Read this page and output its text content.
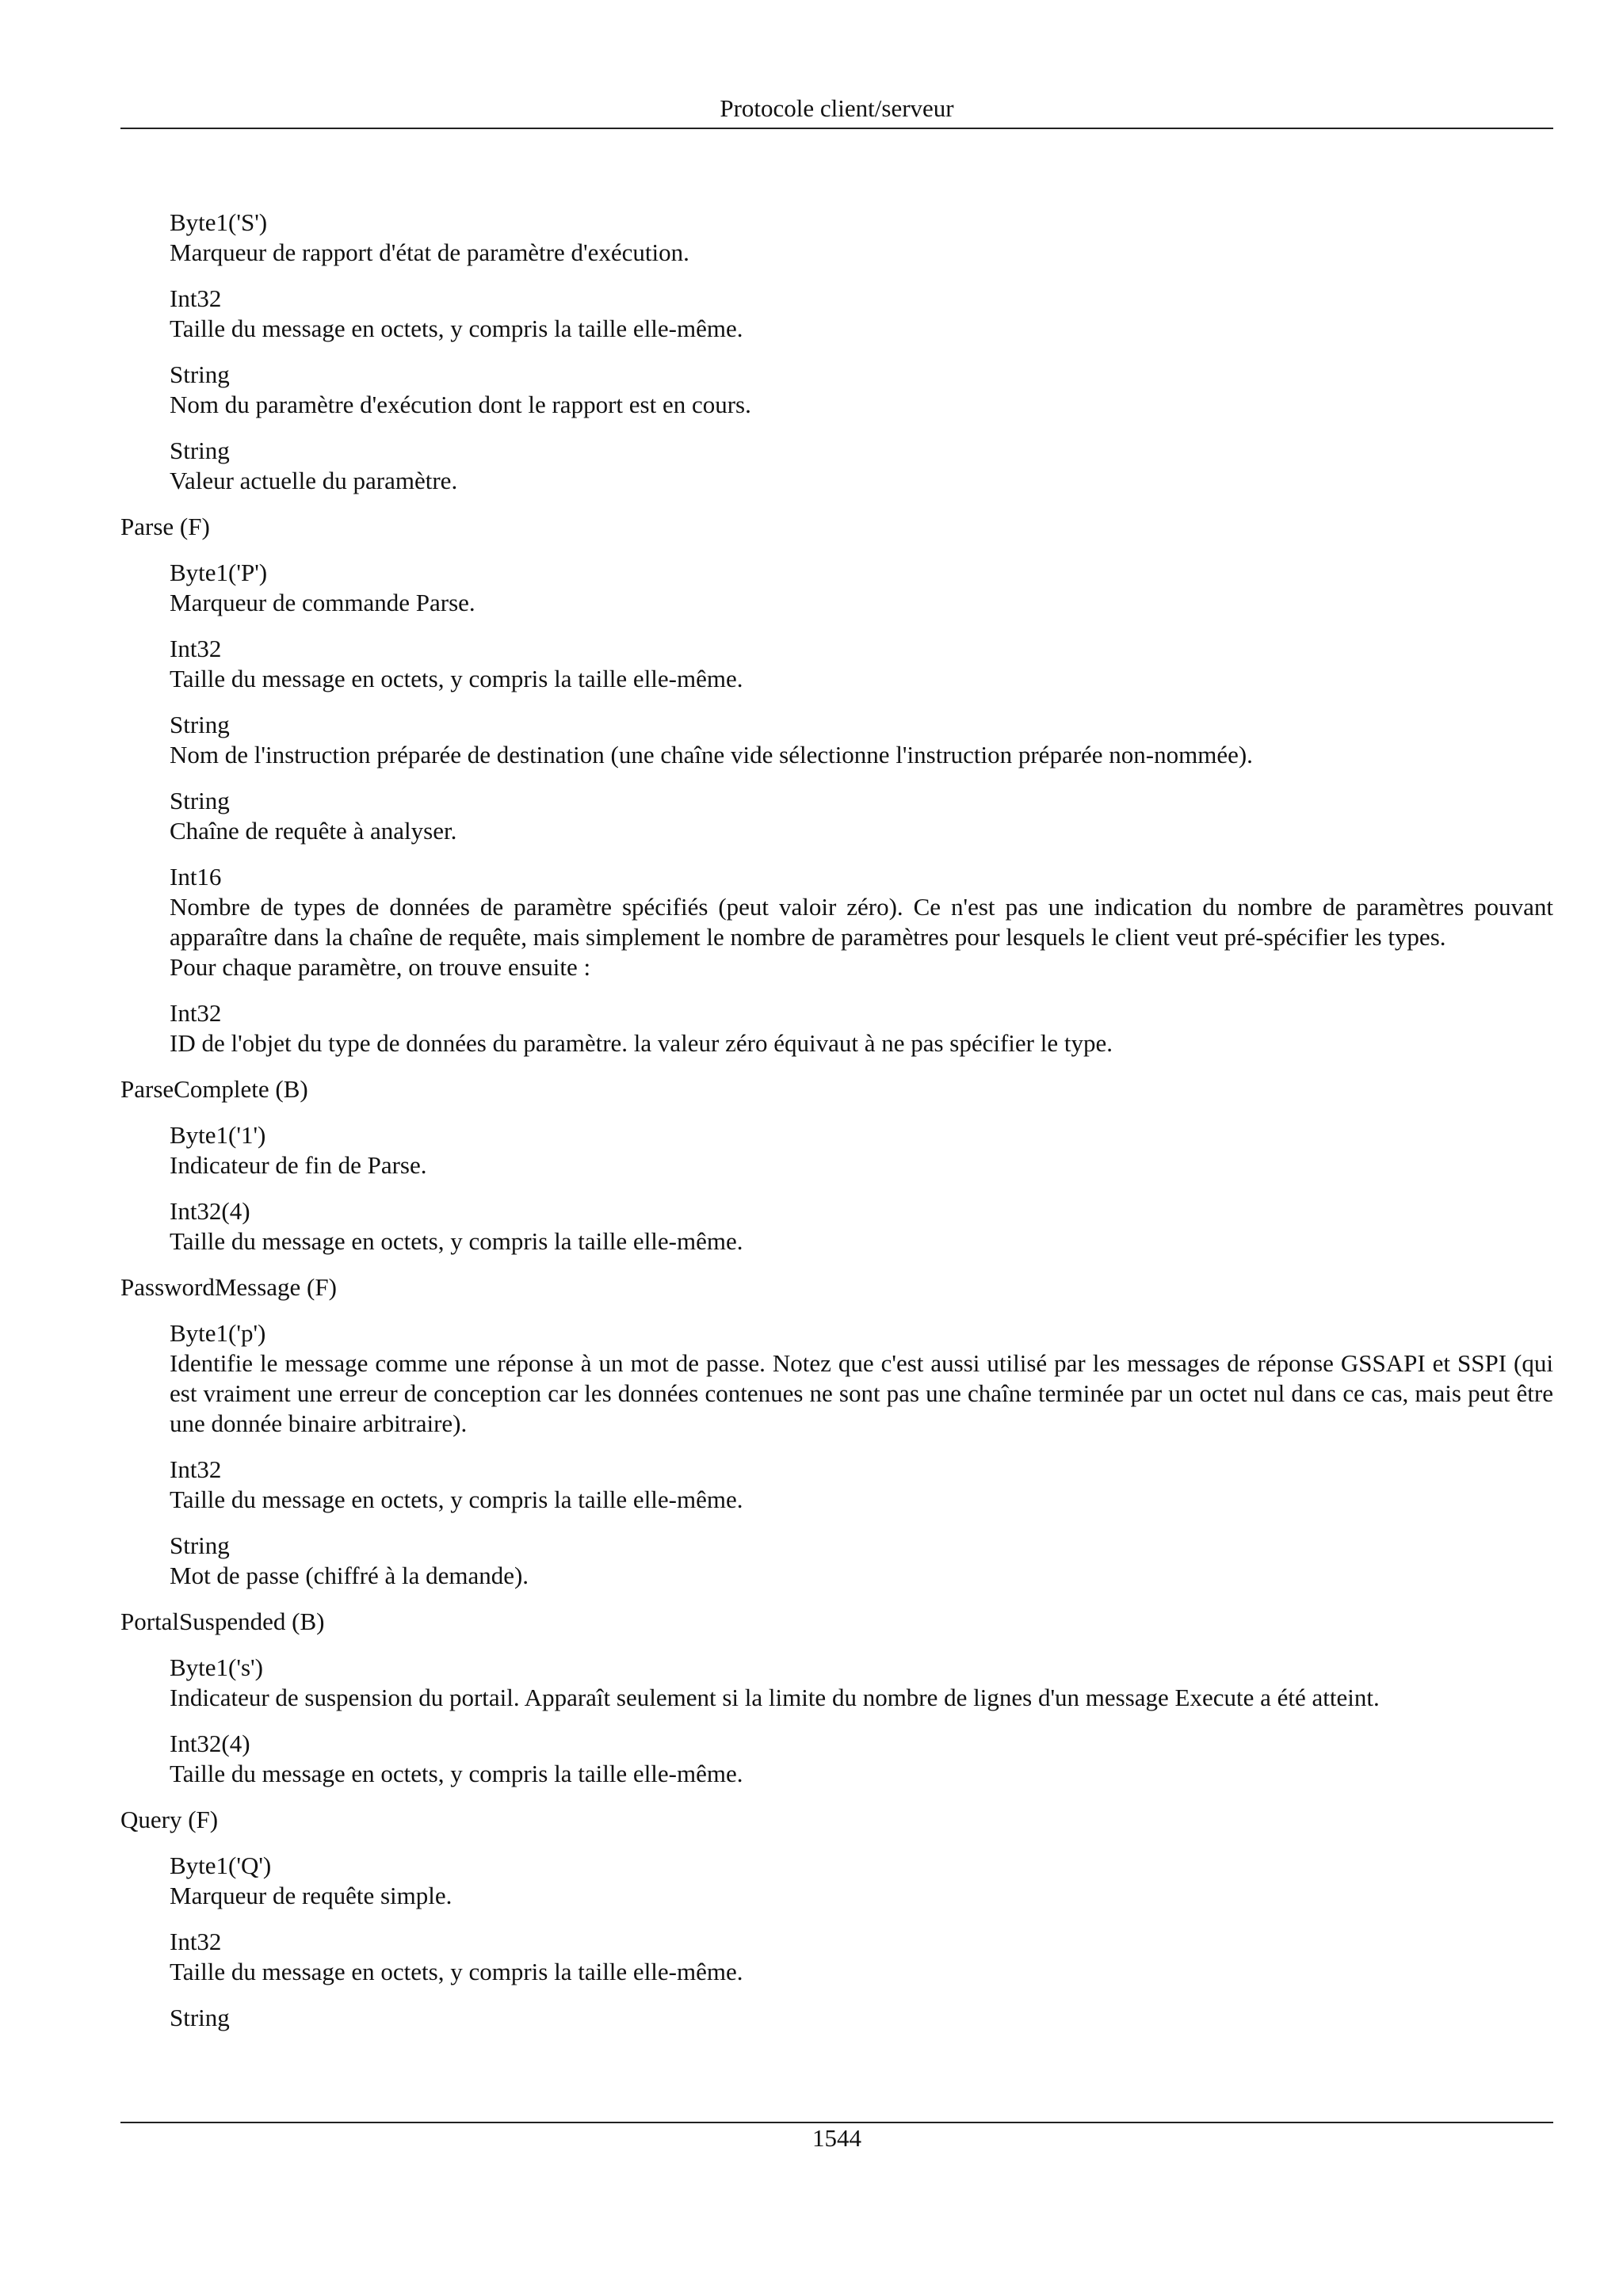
Protocole client/serveur
Byte1('S')
Marqueur de rapport d'état de paramètre d'exécution.
Int32
Taille du message en octets, y compris la taille elle-même.
String
Nom du paramètre d'exécution dont le rapport est en cours.
String
Valeur actuelle du paramètre.
Parse (F)
Byte1('P')
Marqueur de commande Parse.
Int32
Taille du message en octets, y compris la taille elle-même.
String
Nom de l'instruction préparée de destination (une chaîne vide sélectionne l'instruction préparée non-nommée).
String
Chaîne de requête à analyser.
Int16
Nombre de types de données de paramètre spécifiés (peut valoir zéro). Ce n'est pas une indication du nombre de paramètres pouvant apparaître dans la chaîne de requête, mais simplement le nombre de paramètres pour lesquels le client veut pré-spécifier les types.
Pour chaque paramètre, on trouve ensuite :
Int32
ID de l'objet du type de données du paramètre. la valeur zéro équivaut à ne pas spécifier le type.
ParseComplete (B)
Byte1('1')
Indicateur de fin de Parse.
Int32(4)
Taille du message en octets, y compris la taille elle-même.
PasswordMessage (F)
Byte1('p')
Identifie le message comme une réponse à un mot de passe. Notez que c'est aussi utilisé par les messages de réponse GSSAPI et SSPI (qui est vraiment une erreur de conception car les données contenues ne sont pas une chaîne terminée par un octet nul dans ce cas, mais peut être une donnée binaire arbitraire).
Int32
Taille du message en octets, y compris la taille elle-même.
String
Mot de passe (chiffré à la demande).
PortalSuspended (B)
Byte1('s')
Indicateur de suspension du portail. Apparaît seulement si la limite du nombre de lignes d'un message Execute a été atteint.
Int32(4)
Taille du message en octets, y compris la taille elle-même.
Query (F)
Byte1('Q')
Marqueur de requête simple.
Int32
Taille du message en octets, y compris la taille elle-même.
String
1544
